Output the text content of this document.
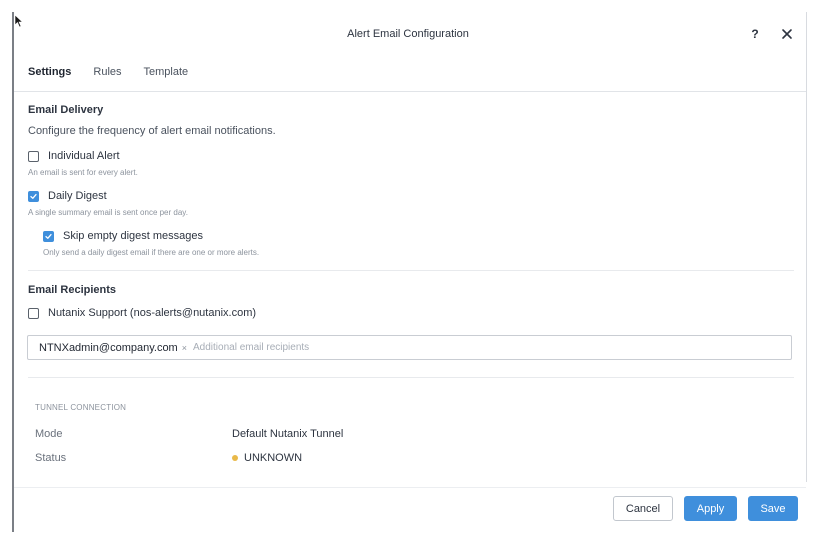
Alert Email Configuration	?
Settings Rules Template
Email Delivery
Configure the frequency of alert email notifications.
Individual Alert
An email is sent for every alert.
Daily Digest
A single summary email is sent once per day.
Skip empty digest messages
Only send a daily digest email if there are one or more alerts.
Email Recipients
Nutanix Support (nos-alerts@nutanix.com)
NTNXadmin@company.com ×
Additional email recipients
TUNNEL CONNECTION
Mode	Default Nutanix Tunnel
Status	UNKNOWN
Cancel	Apply	Save
